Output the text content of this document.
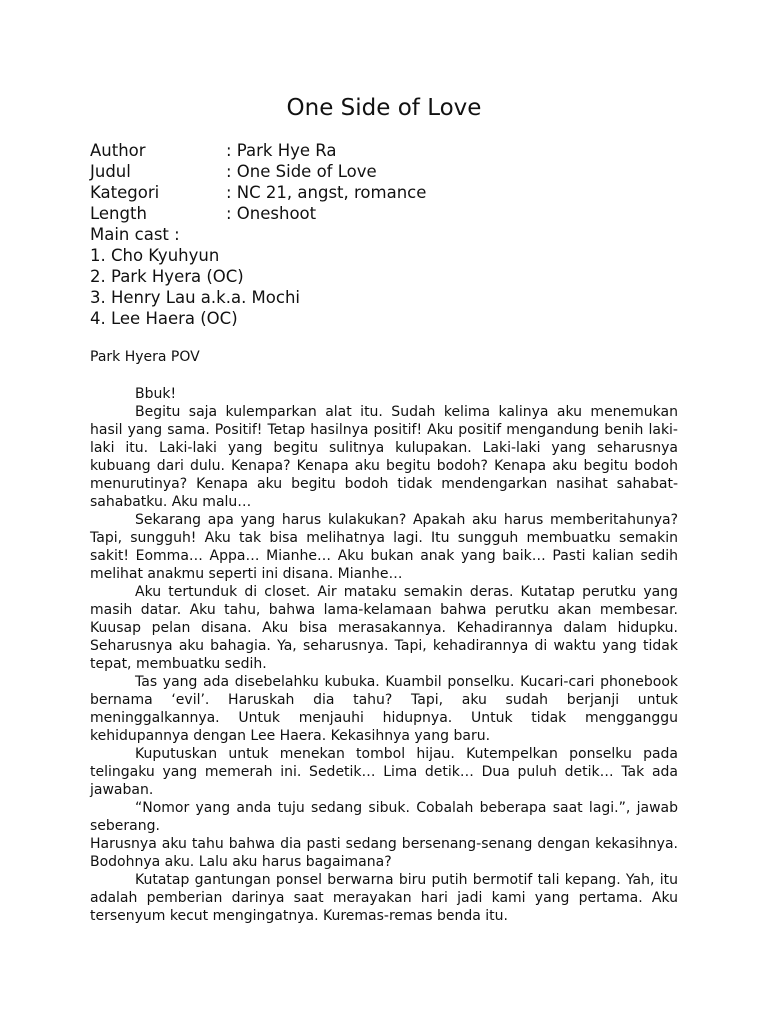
One Side of Love
Author	: Park Hye Ra
Judul	: One Side of Love
Kategori	: NC 21, angst, romance
Length	: Oneshoot
Main cast :
1. Cho Kyuhyun
2. Park Hyera (OC)
3. Henry Lau a.k.a. Mochi
4. Lee Haera (OC)
Park Hyera POV

Bbuk!

Begitu saja kulemparkan alat itu. Sudah kelima kalinya aku menemukan hasil yang sama. Positif! Tetap hasilnya positif! Aku positif mengandung benih laki-laki itu. Laki-laki yang begitu sulitnya kulupakan. Laki-laki yang seharusnya kubuang dari dulu. Kenapa? Kenapa aku begitu bodoh? Kenapa aku begitu bodoh menurutinya? Kenapa aku begitu bodoh tidak mendengarkan nasihat sahabat-sahabatku. Aku malu…

Sekarang apa yang harus kulakukan? Apakah aku harus memberitahunya? Tapi, sungguh! Aku tak bisa melihatnya lagi. Itu sungguh membuatku semakin sakit! Eomma… Appa… Mianhe… Aku bukan anak yang baik… Pasti kalian sedih melihat anakmu seperti ini disana. Mianhe…

Aku tertunduk di closet. Air mataku semakin deras. Kutatap perutku yang masih datar. Aku tahu, bahwa lama-kelamaan bahwa perutku akan membesar. Kuusap pelan disana. Aku bisa merasakannya. Kehadirannya dalam hidupku. Seharusnya aku bahagia. Ya, seharusnya. Tapi, kehadirannya di waktu yang tidak tepat, membuatku sedih.

Tas yang ada disebelahku kubuka. Kuambil ponselku. Kucari-cari phonebook bernama ‘evil’. Haruskah dia tahu? Tapi, aku sudah berjanji untuk meninggalkannya. Untuk menjauhi hidupnya. Untuk tidak mengganggu kehidupannya dengan Lee Haera. Kekasihnya yang baru.

Kuputuskan untuk menekan tombol hijau. Kutempelkan ponselku pada telingaku yang memerah ini. Sedetik… Lima detik… Dua puluh detik… Tak ada jawaban.

“Nomor yang anda tuju sedang sibuk. Cobalah beberapa saat lagi.”, jawab seberang.

Harusnya aku tahu bahwa dia pasti sedang bersenang-senang dengan kekasihnya. Bodohnya aku. Lalu aku harus bagaimana?

Kutatap gantungan ponsel berwarna biru putih bermotif tali kepang. Yah, itu adalah pemberian darinya saat merayakan hari jadi kami yang pertama. Aku tersenyum kecut mengingatnya. Kuremas-remas benda itu.
